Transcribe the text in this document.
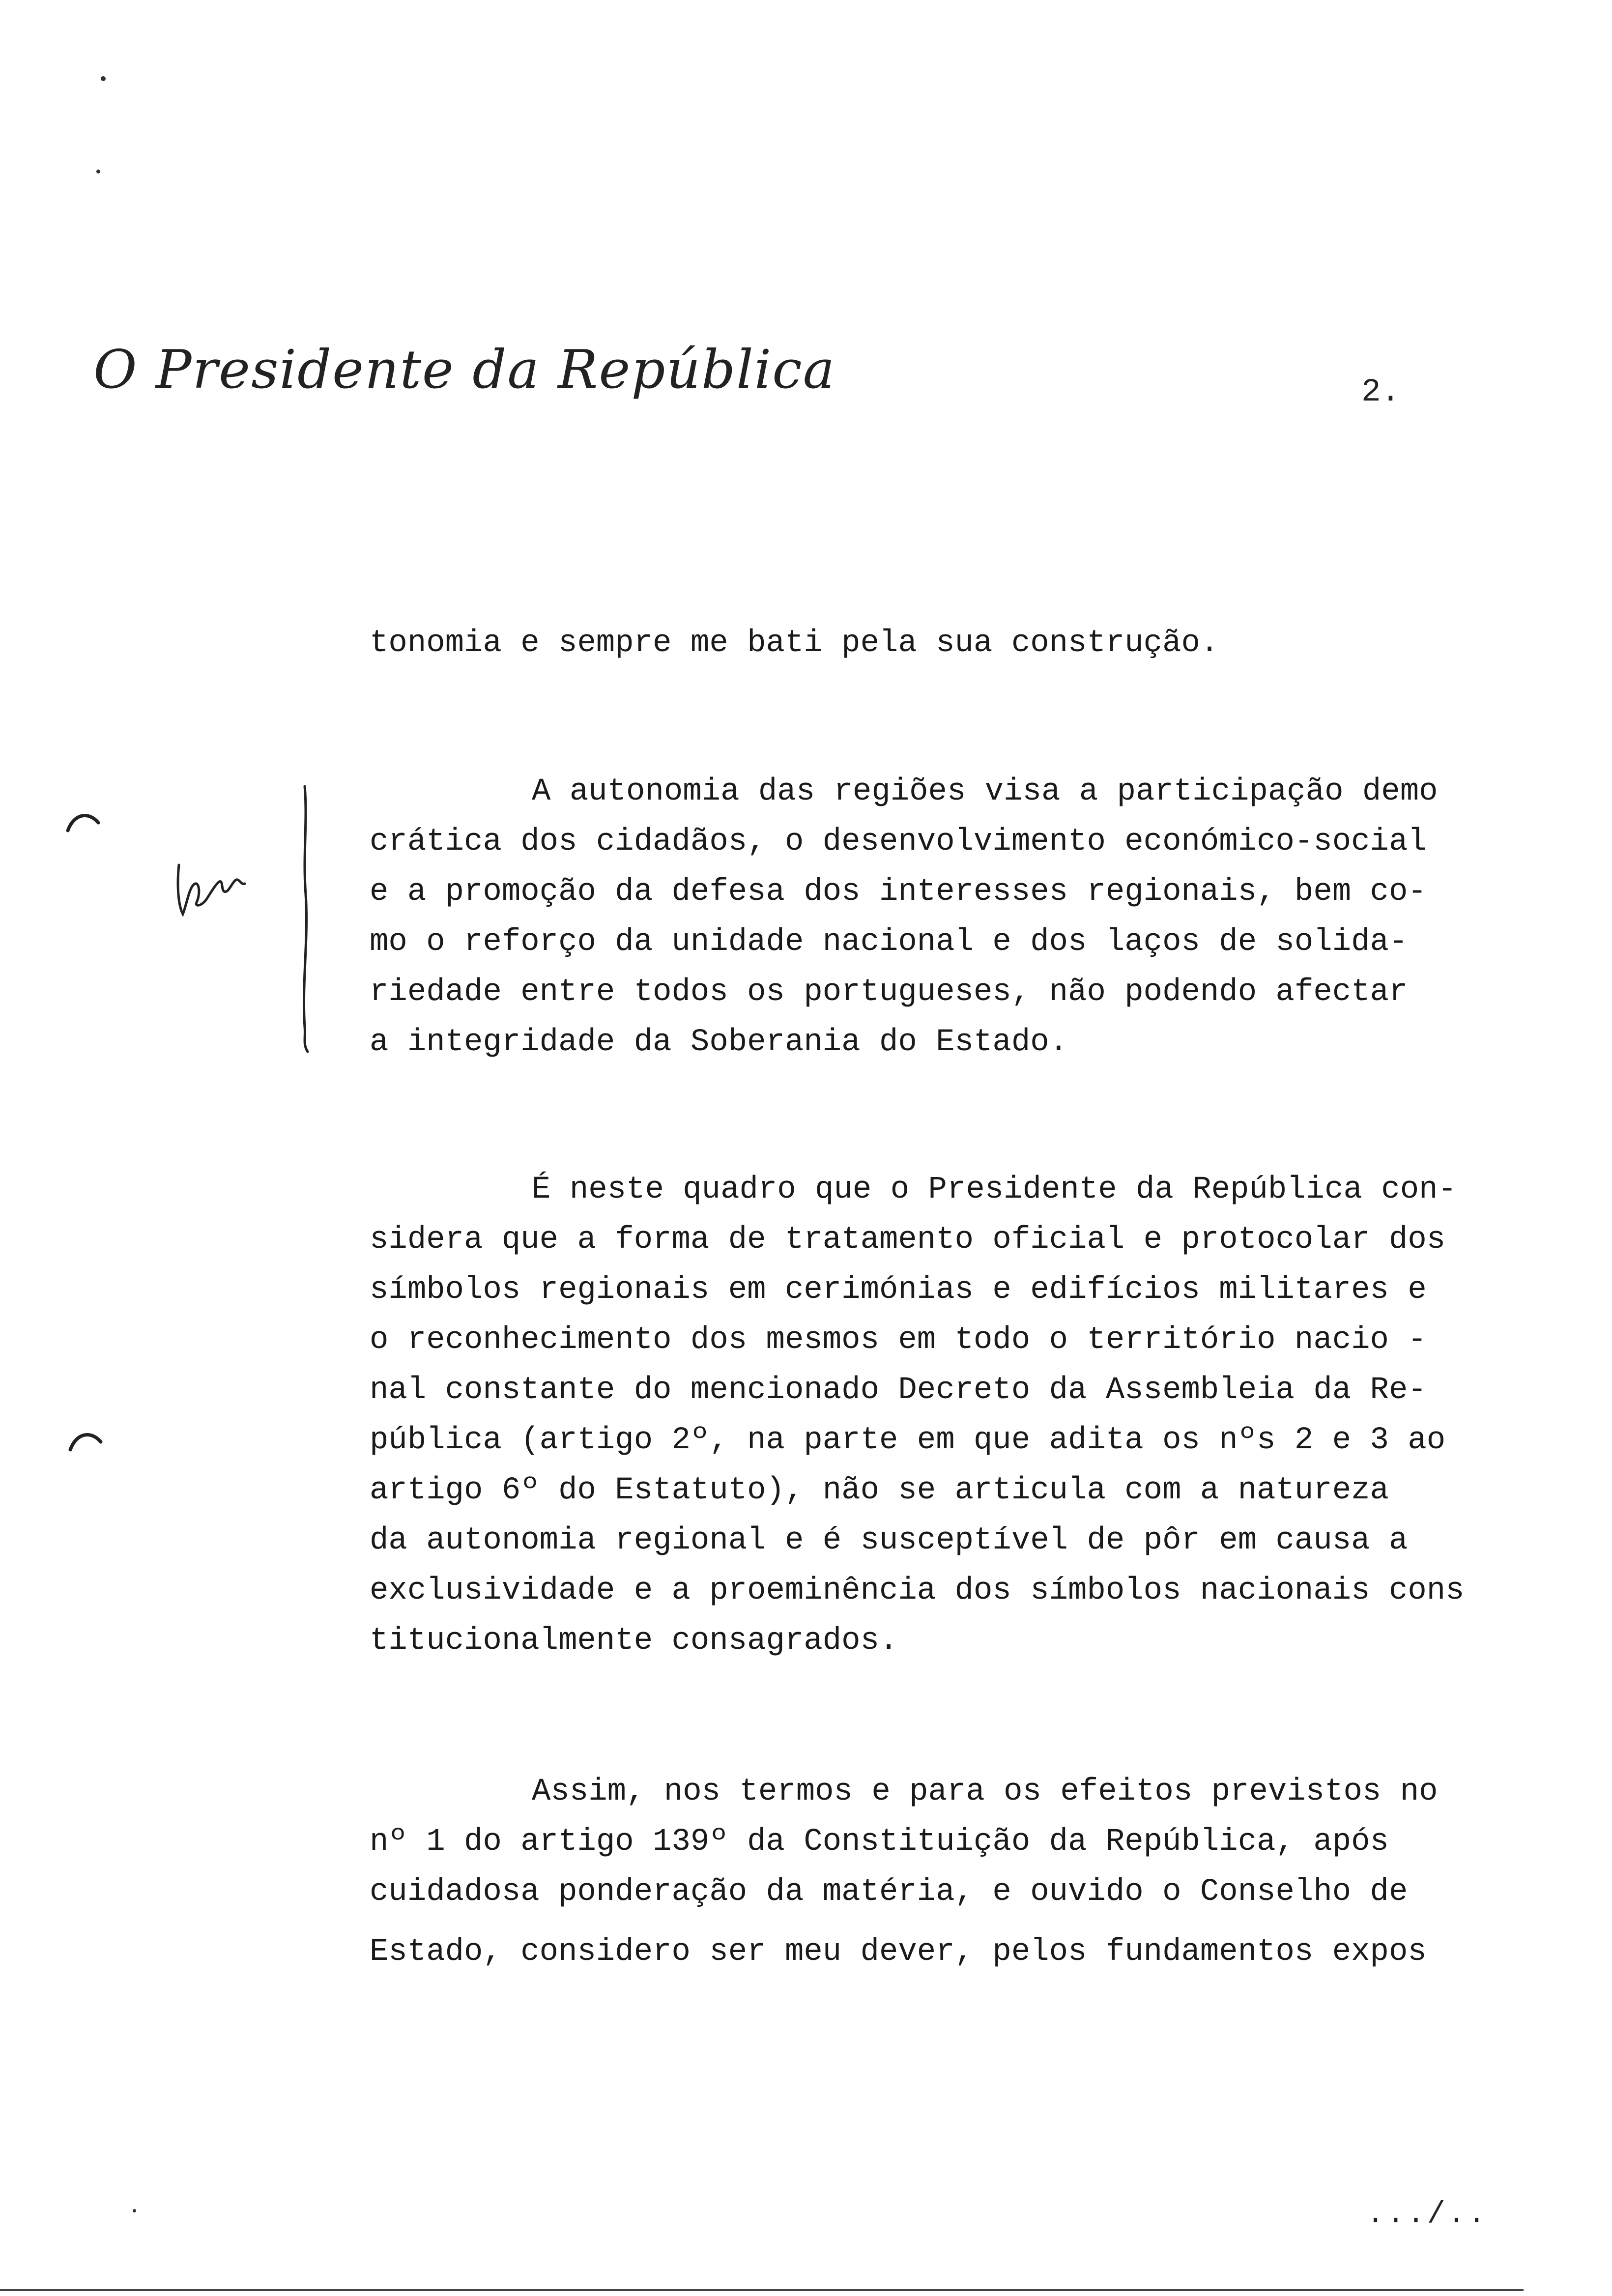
O Presidente da República	2.
tonomia e sempre me bati pela sua construção.
A autonomia das regiões visa a participação demo
crática dos cidadãos, o desenvolvimento económico-social
e a promoção da defesa dos interesses regionais, bem co-
mo o reforço da unidade nacional e dos laços de solida-
riedade entre todos os portugueses, não podendo afectar
a integridade da Soberania do Estado.
É neste quadro que o Presidente da República con-
sidera que a forma de tratamento oficial e protocolar dos
símbolos regionais em cerimónias e edifícios militares e
o reconhecimento dos mesmos em todo o território nacio -
nal constante do mencionado Decreto da Assembleia da Re-
pública (artigo 2º, na parte em que adita os nºs 2 e 3 ao
artigo 6º do Estatuto), não se articula com a natureza
da autonomia regional e é susceptível de pôr em causa a
exclusividade e a proeminência dos símbolos nacionais cons
titucionalmente consagrados.
Assim, nos termos e para os efeitos previstos no
nº 1 do artigo 139º da Constituição da República, após
cuidadosa ponderação da matéria, e ouvido o Conselho de
Estado, considero ser meu dever, pelos fundamentos expos
.../..
